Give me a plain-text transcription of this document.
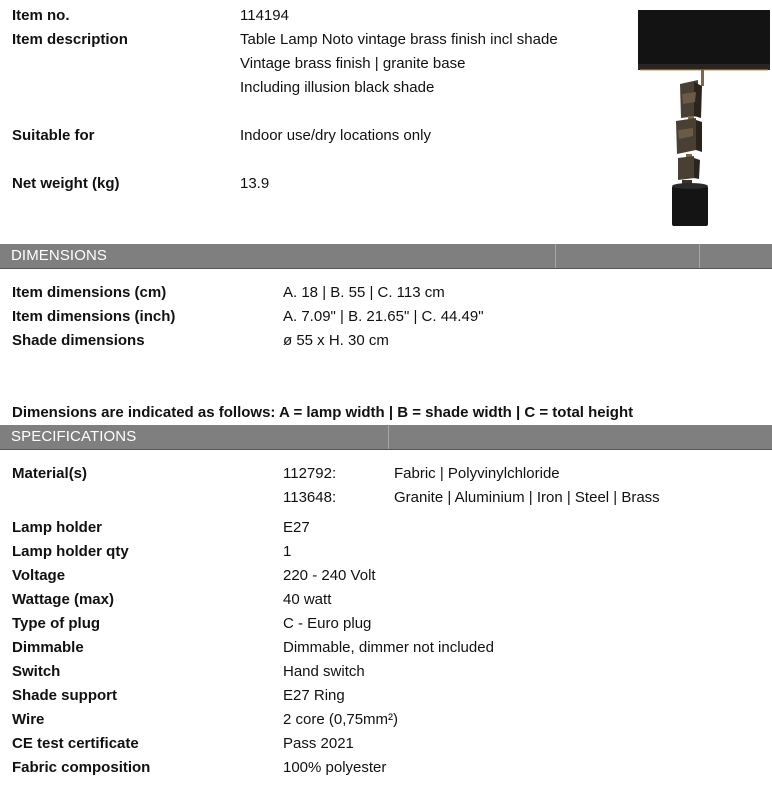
Item no.	114194
Item description	Table Lamp Noto vintage brass finish incl shade
Vintage brass finish | granite base
Including illusion black shade
Suitable for	Indoor use/dry locations only
Net weight (kg)	13.9
DIMENSIONS
Item dimensions (cm)	A. 18 | B. 55 | C. 113 cm
Item dimensions (inch)	A. 7.09" | B. 21.65" | C. 44.49"
Shade dimensions	ø 55 x H. 30 cm
Dimensions are indicated as follows: A = lamp width | B = shade width | C = total height
SPECIFICATIONS
Material(s)	112792:	Fabric | Polyvinylchloride
113648:	Granite | Aluminium | Iron | Steel | Brass
Lamp holder	E27
Lamp holder qty	1
Voltage	220 - 240 Volt
Wattage (max)	40 watt
Type of plug	C - Euro plug
Dimmable	Dimmable, dimmer not included
Switch	Hand switch
Shade support	E27 Ring
Wire	2 core (0,75mm²)
CE test certificate	Pass 2021
Fabric composition	100% polyester
